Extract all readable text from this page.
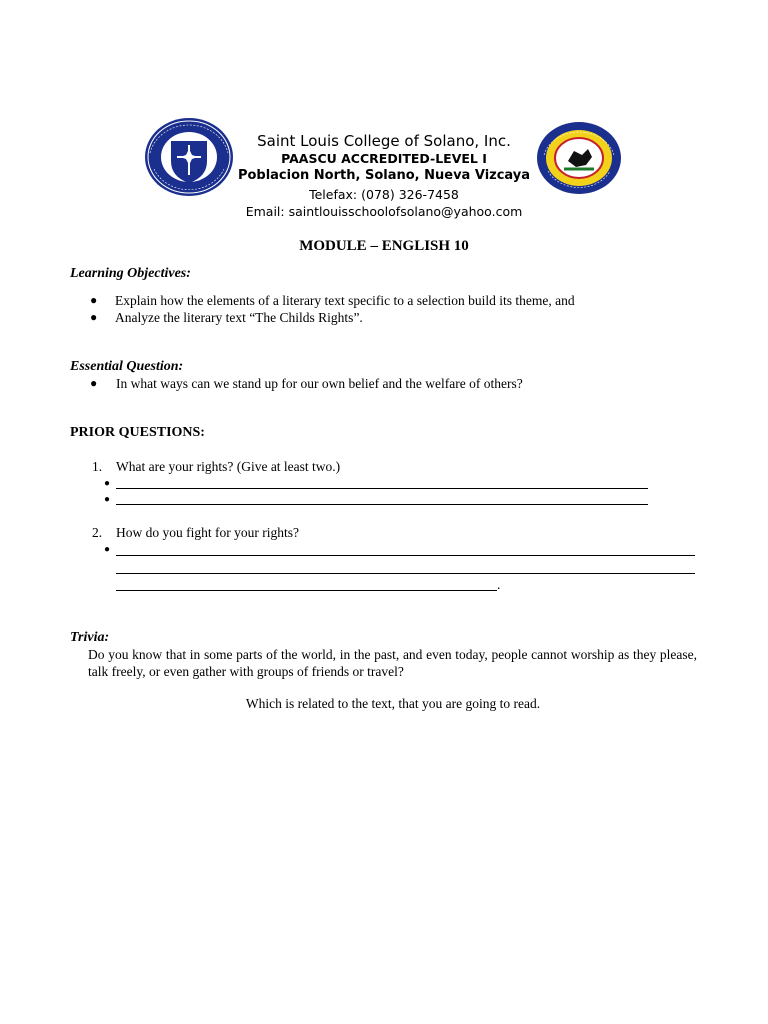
Saint Louis College of Solano, Inc.
PAASCU ACCREDITED-LEVEL I
Poblacion North, Solano, Nueva Vizcaya
Telefax: (078) 326-7458
Email: saintlouisschoolofsolano@yahoo.com
MODULE – ENGLISH 10
Learning Objectives:
● Explain how the elements of a literary text specific to a selection build its theme, and
● Analyze the literary text “The Childs Rights”.
Essential Question:
● In what ways can we stand up for our own belief and the welfare of others?
PRIOR QUESTIONS:
1. What are your rights? (Give at least two.)
●
●
2. How do you fight for your rights?
●
.
Trivia:
Do you know that in some parts of the world, in the past, and even today, people cannot worship as they please, talk freely, or even gather with groups of friends or travel?
Which is related to the text, that you are going to read.
